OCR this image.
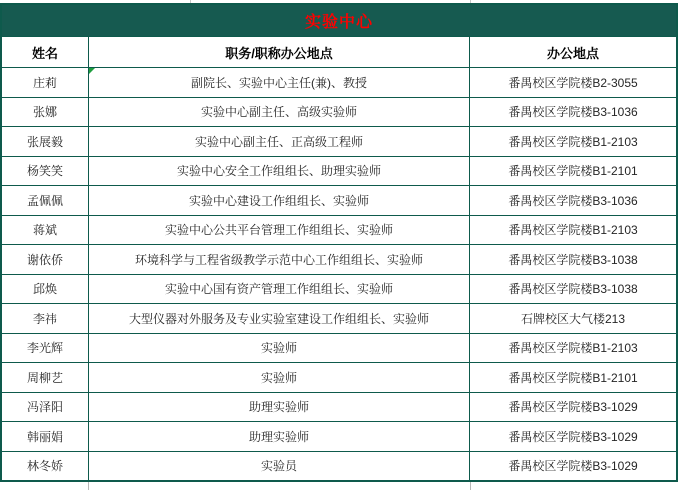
实验中心
姓名	职务/职称办公地点	办公地点
庄莉	副院长、实验中心主任(兼)、教授	番禺校区学院楼B2-3055
张娜	实验中心副主任、高级实验师	番禺校区学院楼B3-1036
张展毅	实验中心副主任、正高级工程师	番禺校区学院楼B1-2103
杨笑笑	实验中心安全工作组组长、助理实验师	番禺校区学院楼B1-2101
孟佩佩	实验中心建设工作组组长、实验师	番禺校区学院楼B3-1036
蒋斌	实验中心公共平台管理工作组组长、实验师	番禺校区学院楼B1-2103
谢依侨	环境科学与工程省级教学示范中心工作组组长、实验师	番禺校区学院楼B3-1038
邱焕	实验中心国有资产管理工作组组长、实验师	番禺校区学院楼B3-1038
李祎	大型仪器对外服务及专业实验室建设工作组组长、实验师	石牌校区大气楼213
李光辉	实验师	番禺校区学院楼B1-2103
周柳艺	实验师	番禺校区学院楼B1-2101
冯泽阳	助理实验师	番禺校区学院楼B3-1029
韩丽娟	助理实验师	番禺校区学院楼B3-1029
林冬娇	实验员	番禺校区学院楼B3-1029
